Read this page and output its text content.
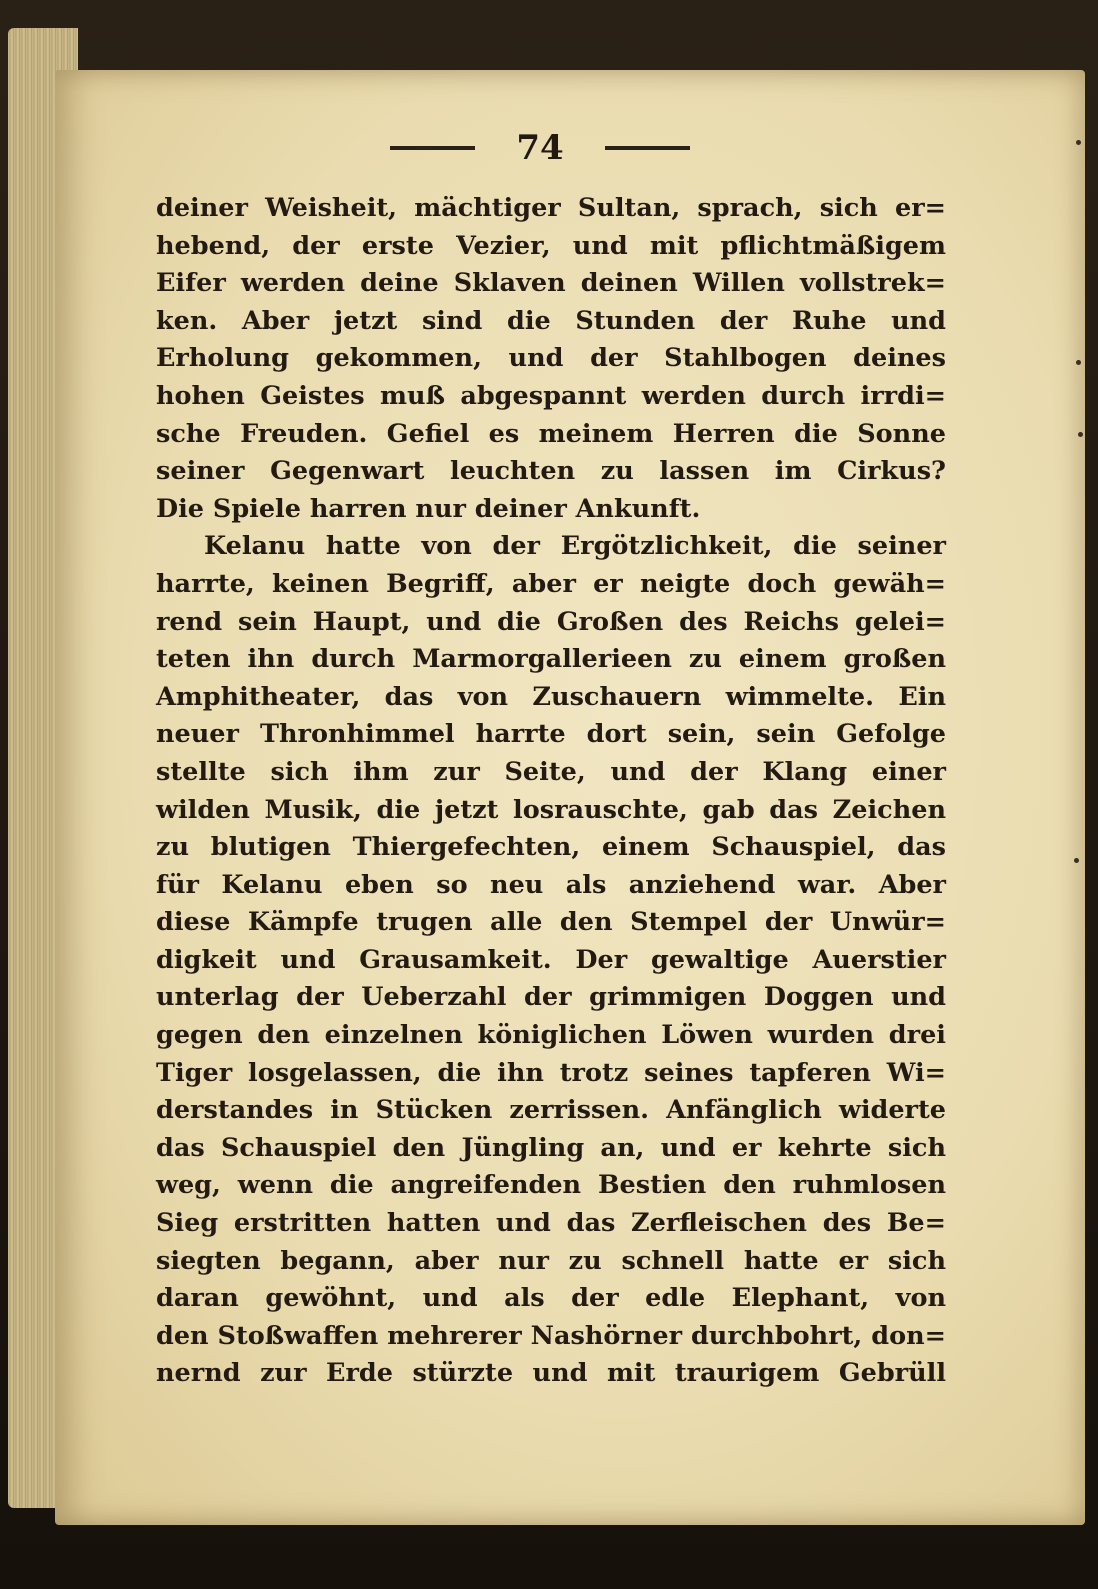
74
deiner Weisheit, mächtiger Sultan, sprach, sich er=
hebend, der erste Vezier, und mit pflichtmäßigem
Eifer werden deine Sklaven deinen Willen vollstrek=
ken. Aber jetzt sind die Stunden der Ruhe und
Erholung gekommen, und der Stahlbogen deines
hohen Geistes muß abgespannt werden durch irrdi=
sche Freuden. Gefiel es meinem Herren die Sonne
seiner Gegenwart leuchten zu lassen im Cirkus?
Die Spiele harren nur deiner Ankunft.
Kelanu hatte von der Ergötzlichkeit, die seiner
harrte, keinen Begriff, aber er neigte doch gewäh=
rend sein Haupt, und die Großen des Reichs gelei=
teten ihn durch Marmorgallerieen zu einem großen
Amphitheater, das von Zuschauern wimmelte. Ein
neuer Thronhimmel harrte dort sein, sein Gefolge
stellte sich ihm zur Seite, und der Klang einer
wilden Musik, die jetzt losrauschte, gab das Zeichen
zu blutigen Thiergefechten, einem Schauspiel, das
für Kelanu eben so neu als anziehend war. Aber
diese Kämpfe trugen alle den Stempel der Unwür=
digkeit und Grausamkeit. Der gewaltige Auerstier
unterlag der Ueberzahl der grimmigen Doggen und
gegen den einzelnen königlichen Löwen wurden drei
Tiger losgelassen, die ihn trotz seines tapferen Wi=
derstandes in Stücken zerrissen. Anfänglich widerte
das Schauspiel den Jüngling an, und er kehrte sich
weg, wenn die angreifenden Bestien den ruhmlosen
Sieg erstritten hatten und das Zerfleischen des Be=
siegten begann, aber nur zu schnell hatte er sich
daran gewöhnt, und als der edle Elephant, von
den Stoßwaffen mehrerer Nashörner durchbohrt, don=
nernd zur Erde stürzte und mit traurigem Gebrüll
